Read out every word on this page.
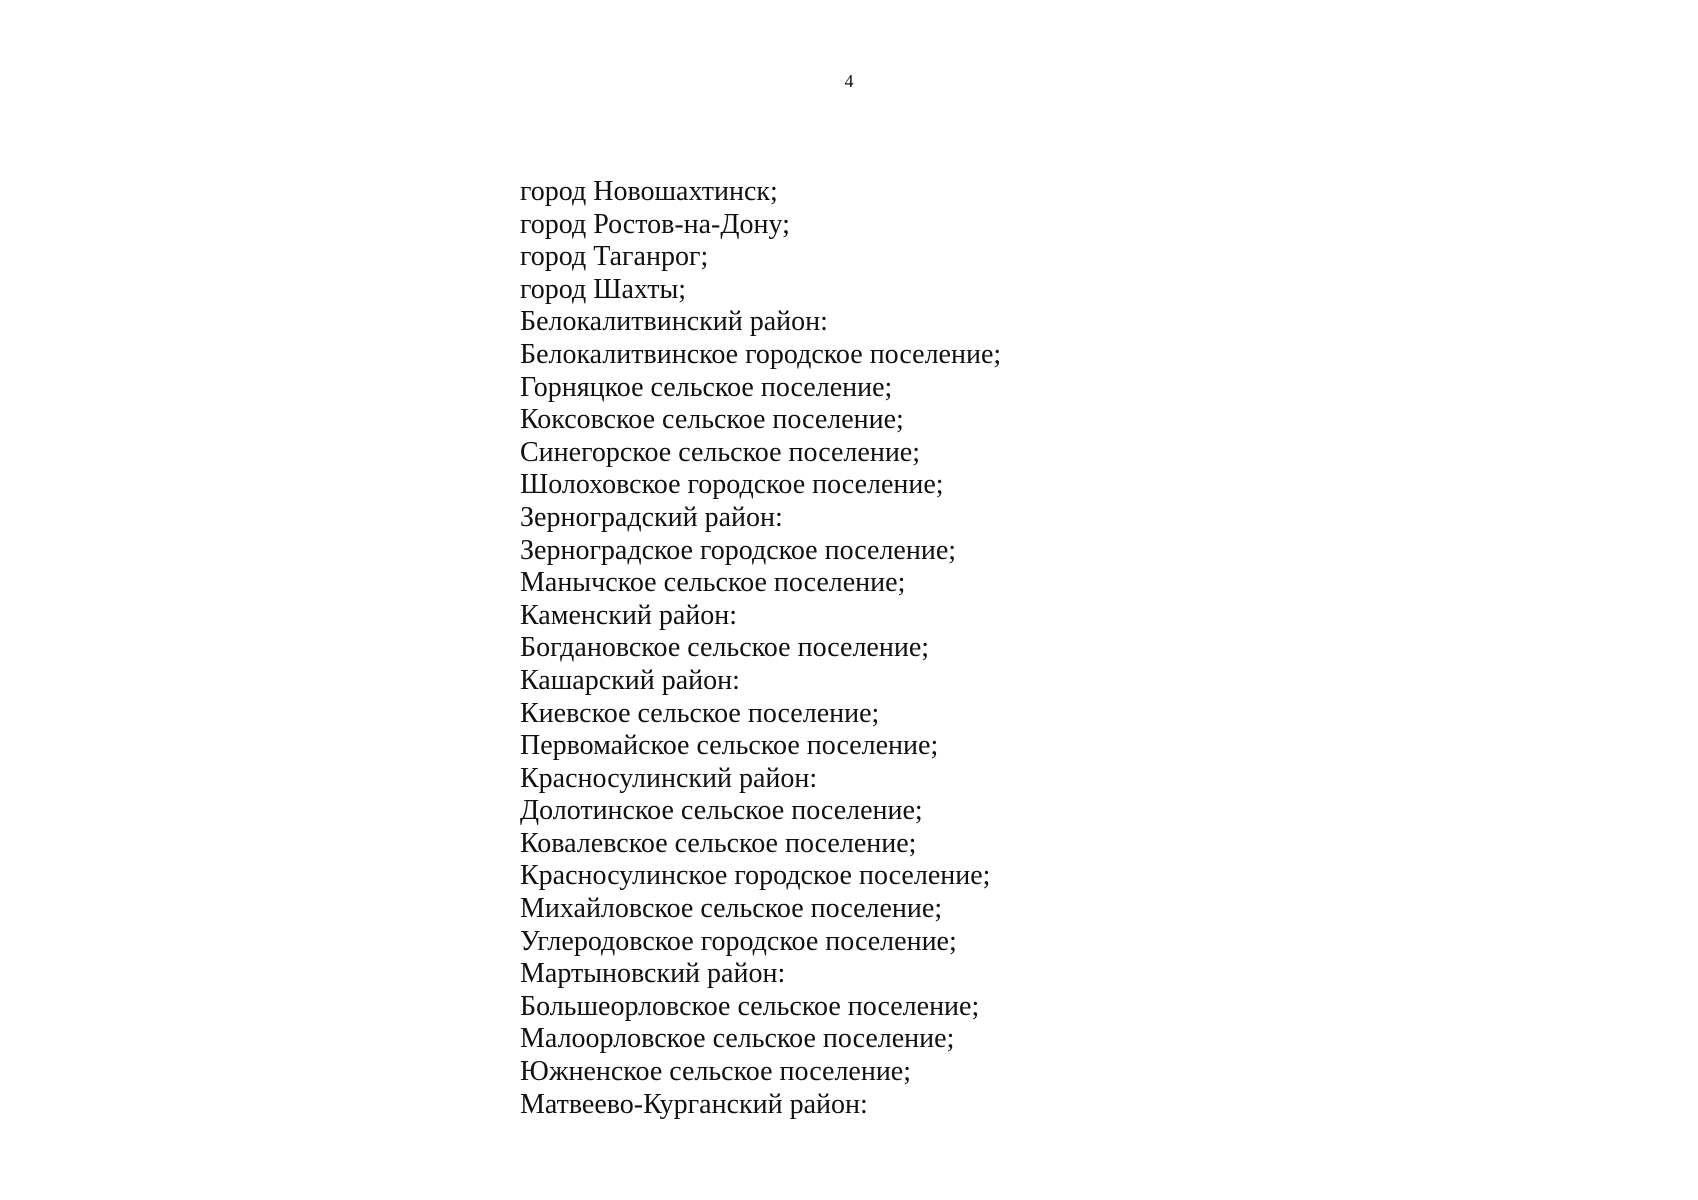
4
город Новошахтинск;
город Ростов-на-Дону;
город Таганрог;
город Шахты;
Белокалитвинский район:
Белокалитвинское городское поселение;
Горняцкое сельское поселение;
Коксовское сельское поселение;
Синегорское сельское поселение;
Шолоховское городское поселение;
Зерноградский район:
Зерноградское городское поселение;
Манычское сельское поселение;
Каменский район:
Богдановское сельское поселение;
Кашарский район:
Киевское сельское поселение;
Первомайское сельское поселение;
Красносулинский район:
Долотинское сельское поселение;
Ковалевское сельское поселение;
Красносулинское городское поселение;
Михайловское сельское поселение;
Углеродовское городское поселение;
Мартыновский район:
Большеорловское сельское поселение;
Малоорловское сельское поселение;
Южненское сельское поселение;
Матвеево-Курганский район:
